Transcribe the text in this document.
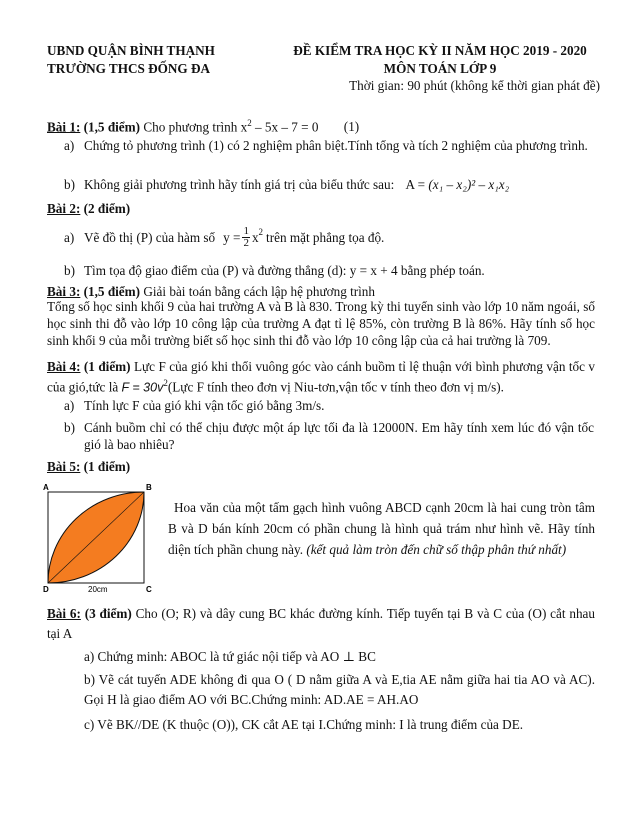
UBND QUẬN BÌNH THẠNH
TRƯỜNG THCS ĐỐNG ĐA
ĐỀ KIỂM TRA HỌC KỲ II NĂM HỌC 2019 - 2020
MÔN TOÁN LỚP 9
Thời gian: 90 phút (không kể thời gian phát đề)
Bài 1: (1,5 điểm) Cho phương trình $x^2 - 5x - 7 = 0$ (1)
a) Chứng tỏ phương trình (1) có 2 nghiệm phân biệt.Tính tổng và tích 2 nghiệm của phương trình.
b) Không giải phương trình hãy tính giá trị của biểu thức sau: A = (x₁ – x₂)² – x₁x₂
Bài 2: (2 điểm)
a) Vẽ đồ thị (P) của hàm số $y = \frac{1}{2} x^2$ trên mặt phẳng tọa độ.
b) Tìm tọa độ giao điểm của (P) và đường thẳng (d): y = x + 4 bằng phép toán.
Bài 3: (1,5 điểm) Giải bài toán bằng cách lập hệ phương trình
Tổng số học sinh khối 9 của hai trường A và B là 830. Trong kỳ thi tuyển sinh vào lớp 10 năm ngoái, số học sinh thi đỗ vào lớp 10 công lập của trường A đạt tỉ lệ 85%, còn trường B là 86%. Hãy tính số học sinh khối 9 của mỗi trường biết số học sinh thi đỗ vào lớp 10 công lập của cả hai trường là 709.
Bài 4: (1 điểm) Lực F của gió khi thổi vuông góc vào cánh buồm tỉ lệ thuận với bình phương vận tốc v của gió,tức là $F = 30v^2(Lực$ F tính theo đơn vị Niu-tơn,vận tốc v tính theo đơn vị m/s).
a) Tính lực F của gió khi vận tốc gió bằng 3m/s.
b) Cánh buồm chỉ có thể chịu được một áp lực tối đa là 12000N. Em hãy tính xem lúc đó vận tốc gió là bao nhiêu?
Bài 5: (1 điểm)
A	B
C
D	20cm
Hoa văn của một tấm gạch hình vuông ABCD cạnh 20cm là hai cung tròn tâm B và D bán kính 20cm có phần chung là hình quả trám như hình vẽ. Hãy tính diện tích phần chung này. (kết quả làm tròn đến chữ số thập phân thứ nhất)
Bài 6: (3 điểm) Cho (O; R) và dây cung BC khác đường kính. Tiếp tuyến tại B và C của (O) cắt nhau tại A
a) Chứng minh: ABOC là tứ giác nội tiếp và AO ⊥ BC
b) Vẽ cát tuyến ADE không đi qua O ( D nằm giữa A và E,tia AE nằm giữa hai tia AO và AC). Gọi H là giao điểm AO với BC.Chứng minh: AD.AE = AH.AO
c) Vẽ BK//DE (K thuộc (O)), CK cắt AE tại I.Chứng minh: I là trung điểm của DE.
